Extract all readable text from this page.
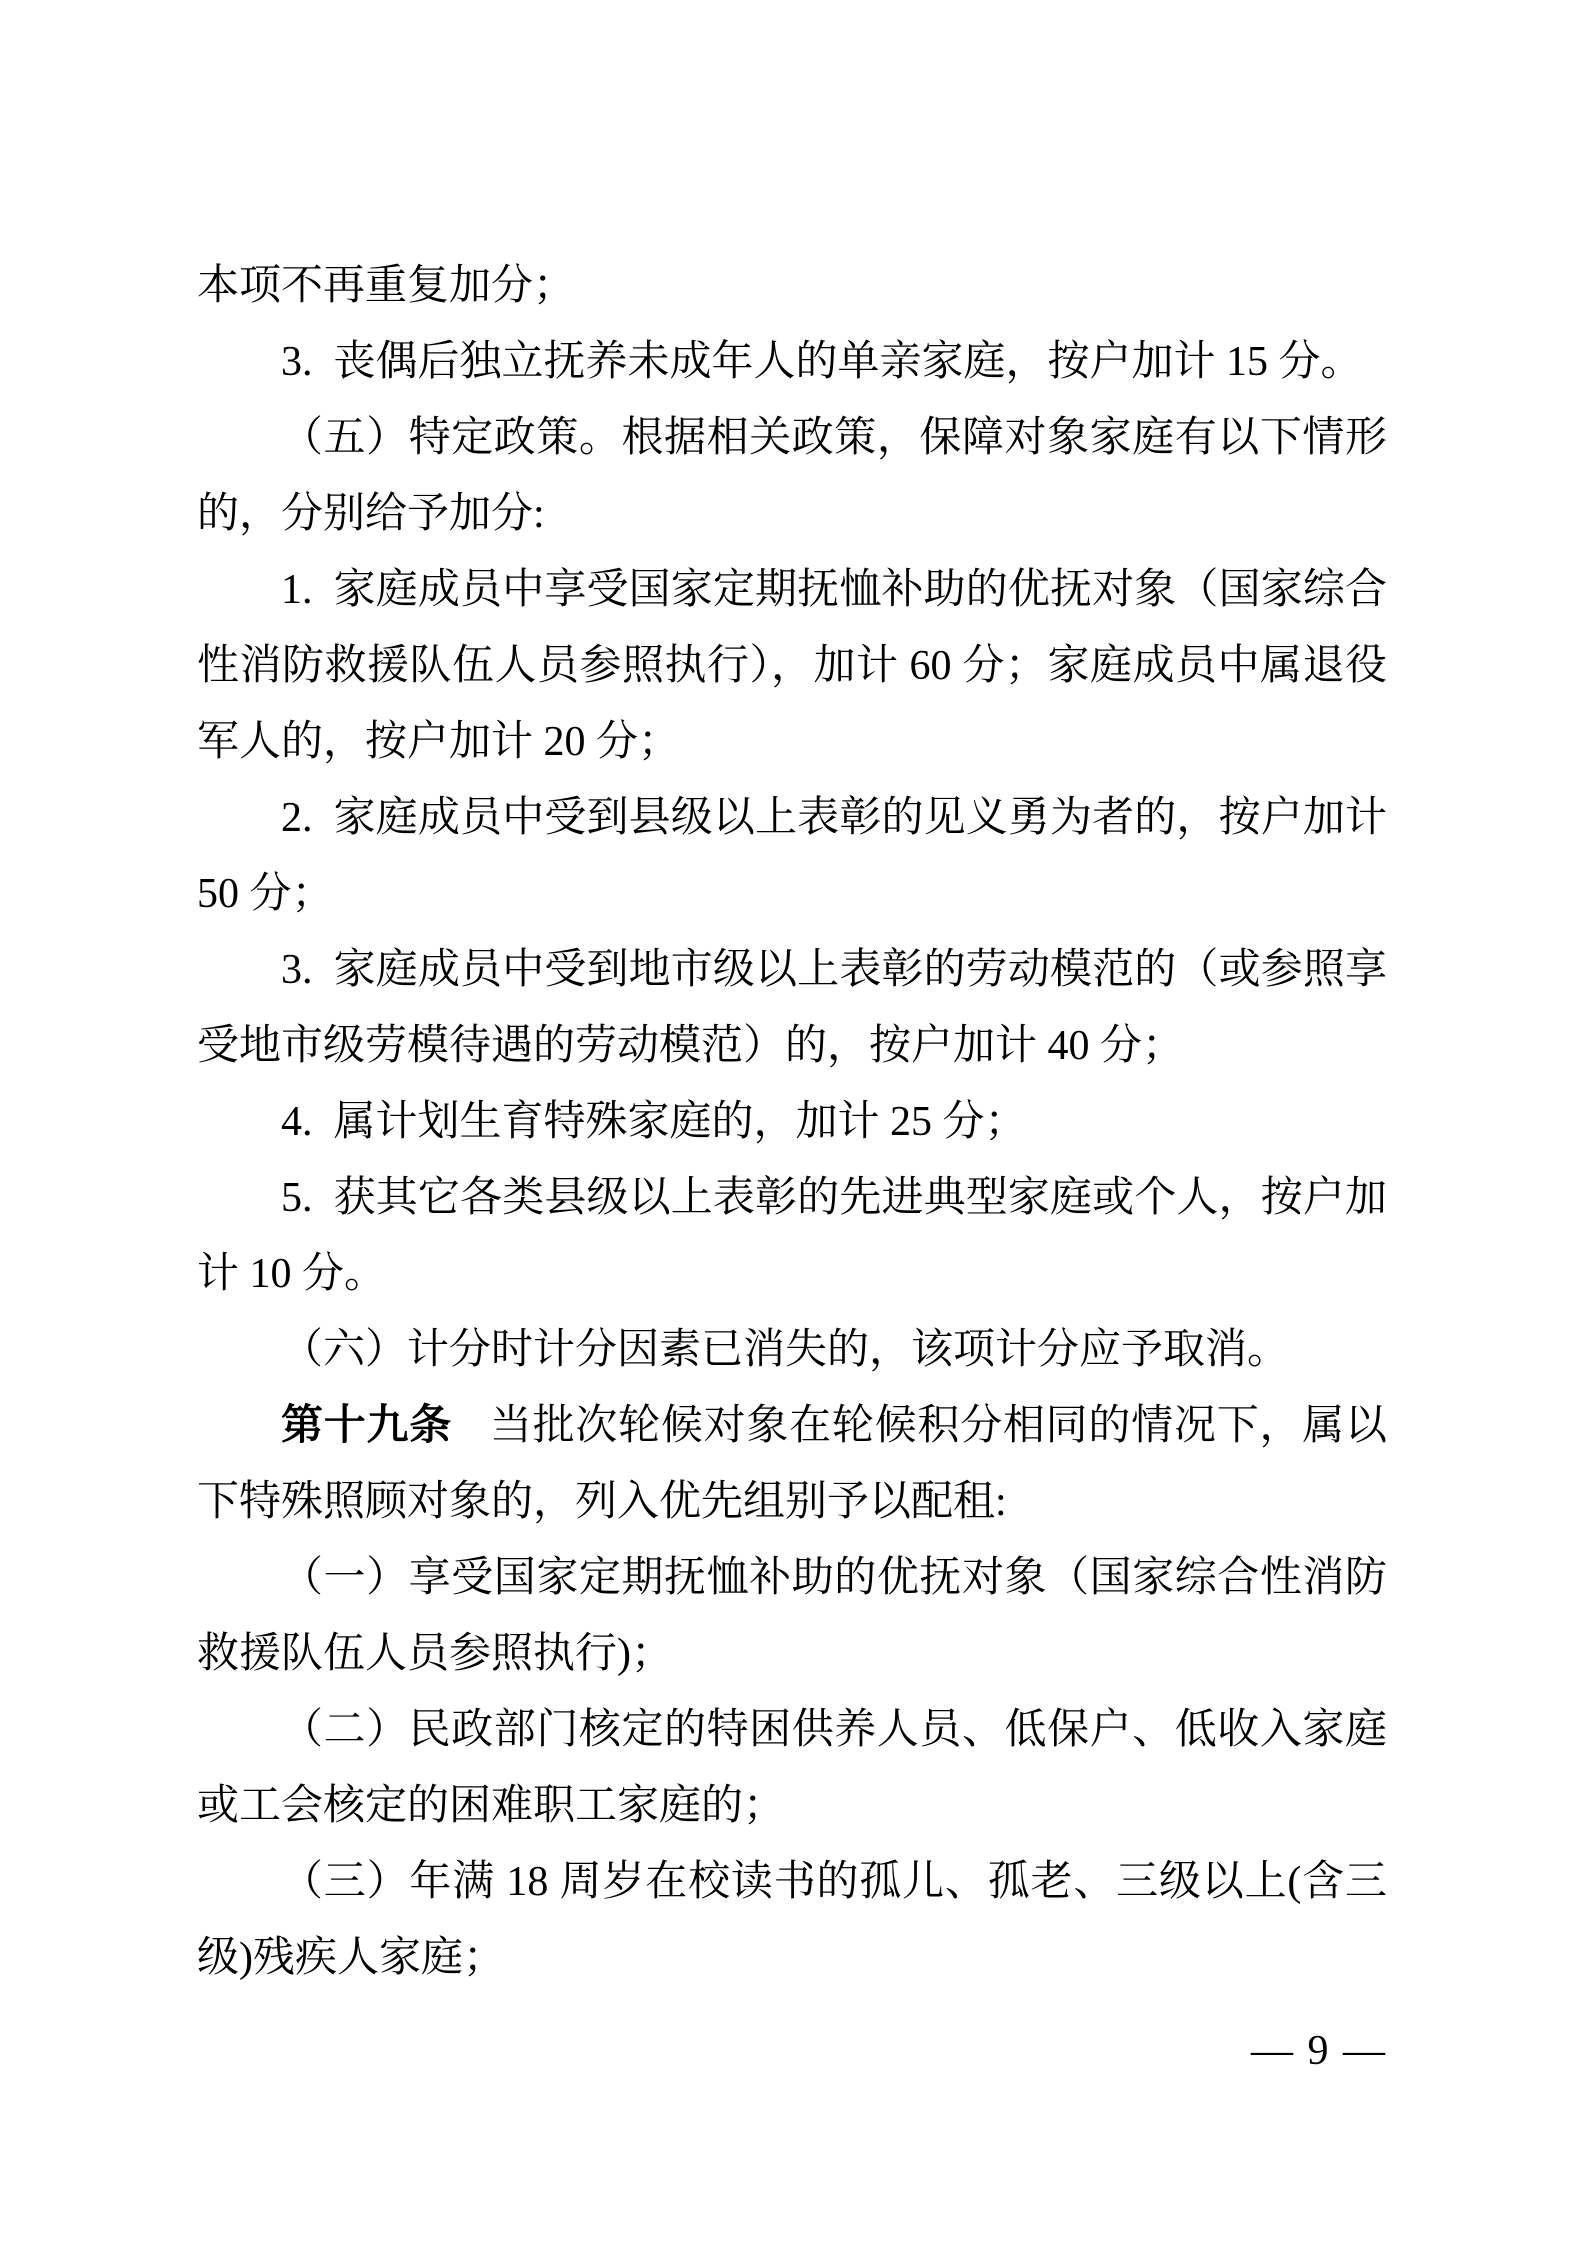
本项不再重复加分；

3. 丧偶后独立抚养未成年人的单亲家庭，按户加计 15 分。

（五）特定政策。根据相关政策，保障对象家庭有以下情形的，分别给予加分:

1. 家庭成员中享受国家定期抚恤补助的优抚对象（国家综合性消防救援队伍人员参照执行），加计 60 分；家庭成员中属退役军人的，按户加计 20 分；

2. 家庭成员中受到县级以上表彰的见义勇为者的，按户加计 50 分；

3. 家庭成员中受到地市级以上表彰的劳动模范的（或参照享受地市级劳模待遇的劳动模范）的，按户加计 40 分；

4. 属计划生育特殊家庭的，加计 25 分；

5. 获其它各类县级以上表彰的先进典型家庭或个人，按户加计 10 分。

（六）计分时计分因素已消失的，该项计分应予取消。

第十九条 当批次轮候对象在轮候积分相同的情况下，属以下特殊照顾对象的，列入优先组别予以配租:

（一）享受国家定期抚恤补助的优抚对象（国家综合性消防救援队伍人员参照执行)；

（二）民政部门核定的特困供养人员、低保户、低收入家庭或工会核定的困难职工家庭的；

（三）年满 18 周岁在校读书的孤儿、孤老、三级以上(含三级)残疾人家庭；

— 9 —
